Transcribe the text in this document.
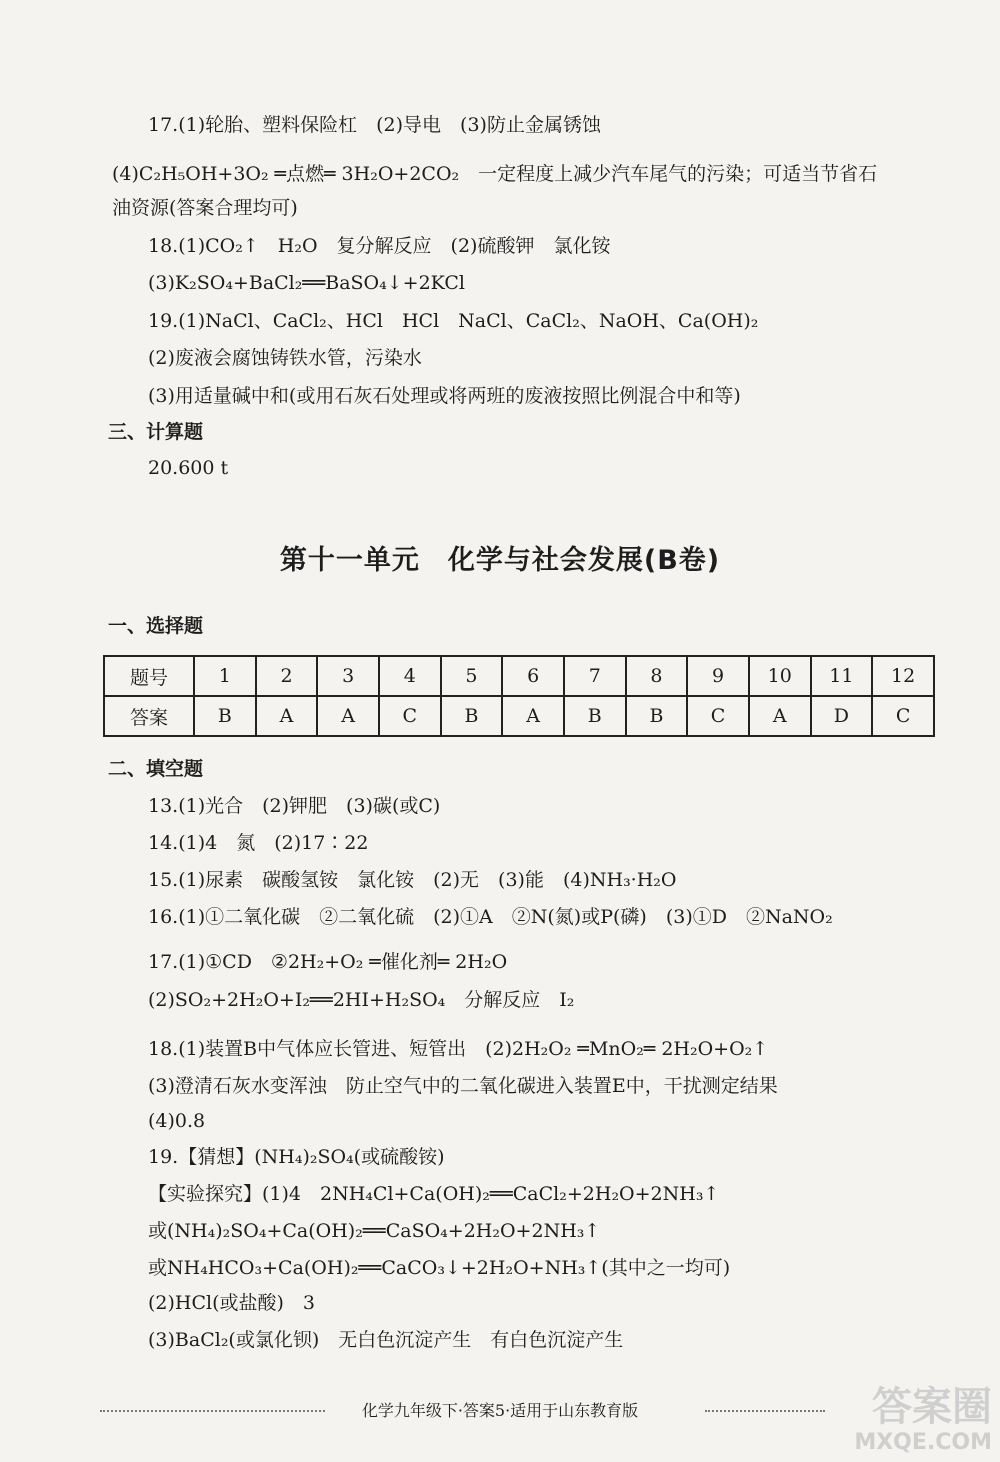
17.(1)轮胎、塑料保险杠　(2)导电　(3)防止金属锈蚀
(4)C₂H₅OH+3O₂ ═点燃═ 3H₂O+2CO₂　一定程度上减少汽车尾气的污染；可适当节省石
油资源(答案合理均可)
18.(1)CO₂↑　H₂O　复分解反应　(2)硫酸钾　氯化铵
(3)K₂SO₄+BaCl₂══BaSO₄↓+2KCl
19.(1)NaCl、CaCl₂、HCl　HCl　NaCl、CaCl₂、NaOH、Ca(OH)₂
(2)废液会腐蚀铸铁水管，污染水
(3)用适量碱中和(或用石灰石处理或将两班的废液按照比例混合中和等)
三、计算题
20.600 t
第十一单元　化学与社会发展(B卷)
一、选择题
题号	1	2	3	4	5	6	7	8	9	10	11	12
答案	B	A	A	C	B	A	B	B	C	A	D	C
二、填空题
13.(1)光合　(2)钾肥　(3)碳(或C)
14.(1)4　氮　(2)17∶22
15.(1)尿素　碳酸氢铵　氯化铵　(2)无　(3)能　(4)NH₃·H₂O
16.(1)①二氧化碳　②二氧化硫　(2)①A　②N(氮)或P(磷)　(3)①D　②NaNO₂
17.(1)①CD　②2H₂+O₂ ═催化剂═ 2H₂O
(2)SO₂+2H₂O+I₂══2HI+H₂SO₄　分解反应　I₂
18.(1)装置B中气体应长管进、短管出　(2)2H₂O₂ ═MnO₂═ 2H₂O+O₂↑
(3)澄清石灰水变浑浊　防止空气中的二氧化碳进入装置E中，干扰测定结果
(4)0.8
19.【猜想】(NH₄)₂SO₄(或硫酸铵)
【实验探究】(1)4　2NH₄Cl+Ca(OH)₂══CaCl₂+2H₂O+2NH₃↑
或(NH₄)₂SO₄+Ca(OH)₂══CaSO₄+2H₂O+2NH₃↑
或NH₄HCO₃+Ca(OH)₂══CaCO₃↓+2H₂O+NH₃↑(其中之一均可)
(2)HCl(或盐酸)　3
(3)BaCl₂(或氯化钡)　无白色沉淀产生　有白色沉淀产生
化学九年级下·答案5·适用于山东教育版	答案圈
MXQE.COM
